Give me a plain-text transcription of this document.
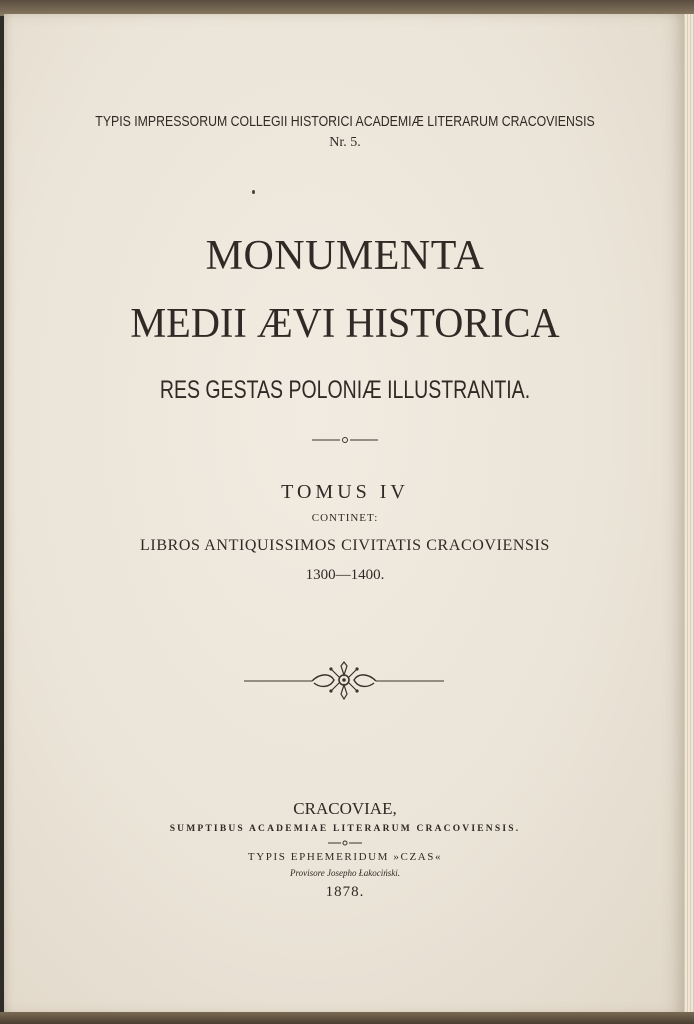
TYPIS IMPRESSORUM COLLEGII HISTORICI ACADEMIÆ LITERARUM CRACOVIENSIS
Nr. 5.
MONUMENTA
MEDII ÆVI HISTORICA
RES GESTAS POLONIÆ ILLUSTRANTIA.
TOMUS IV
CONTINET:
LIBROS ANTIQUISSIMOS CIVITATIS CRACOVIENSIS
1300—1400.
CRACOVIAE,
SUMPTIBUS ACADEMIAE LITERARUM CRACOVIENSIS.
TYPIS EPHEMERIDUM »CZAS«
Provisore Josepho Łakociński.
1878.
